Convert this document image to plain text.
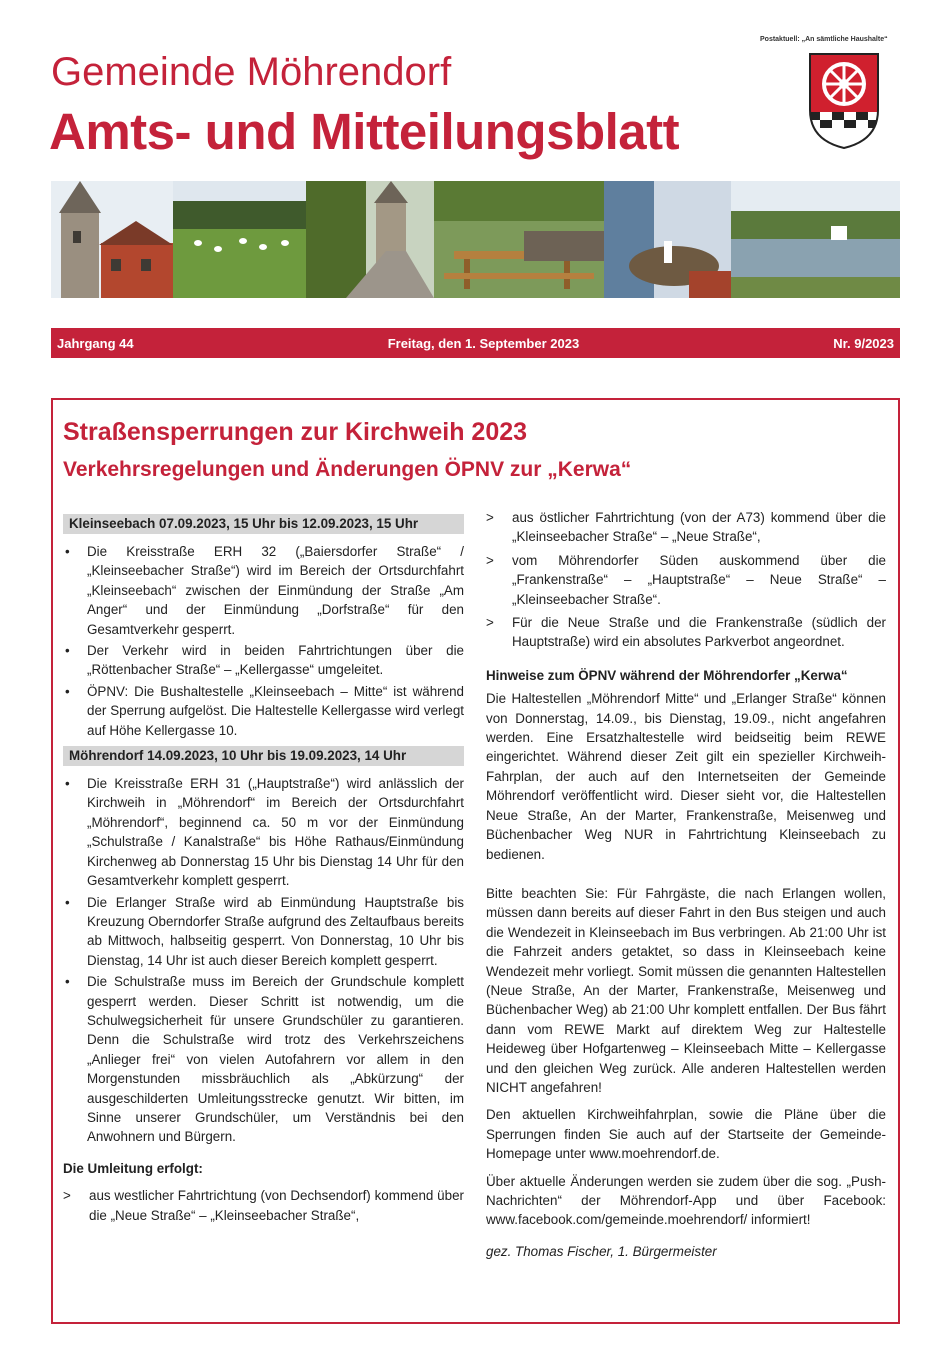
Postaktuell: „An sämtliche Haushalte“
Gemeinde Möhrendorf
Amts- und Mitteilungsblatt
Jahrgang 44	Freitag, den 1. September 2023	Nr. 9/2023
Straßensperrungen zur Kirchweih 2023
Verkehrsregelungen und Änderungen ÖPNV zur „Kerwa“
Kleinseebach 07.09.2023, 15 Uhr bis 12.09.2023, 15 Uhr
• Die Kreisstraße ERH 32 („Baiersdorfer Straße“ / „Kleinseebacher Straße“) wird im Bereich der Ortsdurchfahrt „Kleinseebach“ zwischen der Einmündung der Straße „Am Anger“ und der Einmündung „Dorfstraße“ für den Gesamtverkehr gesperrt.
• Der Verkehr wird in beiden Fahrtrichtungen über die „Röttenbacher Straße“ – „Kellergasse“ umgeleitet.
• ÖPNV: Die Bushaltestelle „Kleinseebach – Mitte“ ist während der Sperrung aufgelöst. Die Haltestelle Kellergasse wird verlegt auf Höhe Kellergasse 10.
Möhrendorf 14.09.2023, 10 Uhr bis 19.09.2023, 14 Uhr
• Die Kreisstraße ERH 31 („Hauptstraße“) wird anlässlich der Kirchweih in „Möhrendorf“ im Bereich der Ortsdurchfahrt „Möhrendorf“, beginnend ca. 50 m vor der Einmündung „Schulstraße / Kanalstraße“ bis Höhe Rathaus/Einmündung Kirchenweg ab Donnerstag 15 Uhr bis Dienstag 14 Uhr für den Gesamtverkehr komplett gesperrt.
• Die Erlanger Straße wird ab Einmündung Hauptstraße bis Kreuzung Oberndorfer Straße aufgrund des Zeltaufbaus bereits ab Mittwoch, halbseitig gesperrt. Von Donnerstag, 10 Uhr bis Dienstag, 14 Uhr ist auch dieser Bereich komplett gesperrt.
• Die Schulstraße muss im Bereich der Grundschule komplett gesperrt werden. Dieser Schritt ist notwendig, um die Schulwegsicherheit für unsere Grundschüler zu garantieren. Denn die Schulstraße wird trotz des Verkehrszeichens „Anlieger frei“ von vielen Autofahrern vor allem in den Morgenstunden missbräuchlich als „Abkürzung“ der ausgeschilderten Umleitungsstrecke genutzt. Wir bitten, im Sinne unserer Grundschüler, um Verständnis bei den Anwohnern und Bürgern.

Die Umleitung erfolgt:

> aus westlicher Fahrtrichtung (von Dechsendorf) kommend über die „Neue Straße“ – „Kleinseebacher Straße“,
> aus östlicher Fahrtrichtung (von der A73) kommend über die „Kleinseebacher Straße“ – „Neue Straße“,
> vom Möhrendorfer Süden auskommend über die „Frankenstraße“ – „Hauptstraße“ – Neue Straße“ – „Kleinseebacher Straße“.
> Für die Neue Straße und die Frankenstraße (südlich der Hauptstraße) wird ein absolutes Parkverbot angeordnet.

Hinweise zum ÖPNV während der Möhrendorfer „Kerwa“

Die Haltestellen „Möhrendorf Mitte“ und „Erlanger Straße“ können von Donnerstag, 14.09., bis Dienstag, 19.09., nicht angefahren werden. Eine Ersatzhaltestelle wird beidseitig beim REWE eingerichtet. Während dieser Zeit gilt ein spezieller Kirchweih-Fahrplan, der auch auf den Internetseiten der Gemeinde Möhrendorf veröffentlicht wird. Dieser sieht vor, die Haltestellen Neue Straße, An der Marter, Frankenstraße, Meisenweg und Büchenbacher Weg NUR in Fahrtrichtung Kleinseebach zu bedienen.

Bitte beachten Sie: Für Fahrgäste, die nach Erlangen wollen, müssen dann bereits auf dieser Fahrt in den Bus steigen und auch die Wendezeit in Kleinseebach im Bus verbringen. Ab 21:00 Uhr ist die Fahrzeit anders getaktet, so dass in Kleinseebach keine Wendezeit mehr vorliegt. Somit müssen die genannten Haltestellen (Neue Straße, An der Marter, Frankenstraße, Meisenweg und Büchenbacher Weg) ab 21:00 Uhr komplett entfallen. Der Bus fährt dann vom REWE Markt auf direktem Weg zur Haltestelle Heideweg über Hofgartenweg – Kleinseebach Mitte – Kellergasse und den gleichen Weg zurück. Alle anderen Haltestellen werden NICHT angefahren!

Den aktuellen Kirchweihfahrplan, sowie die Pläne über die Sperrungen finden Sie auch auf der Startseite der Gemeinde-Homepage unter www.moehrendorf.de.

Über aktuelle Änderungen werden sie zudem über die sog. „Push-Nachrichten“ der Möhrendorf-App und über Facebook: www.facebook.com/gemeinde.moehrendorf/ informiert!

gez. Thomas Fischer, 1. Bürgermeister
